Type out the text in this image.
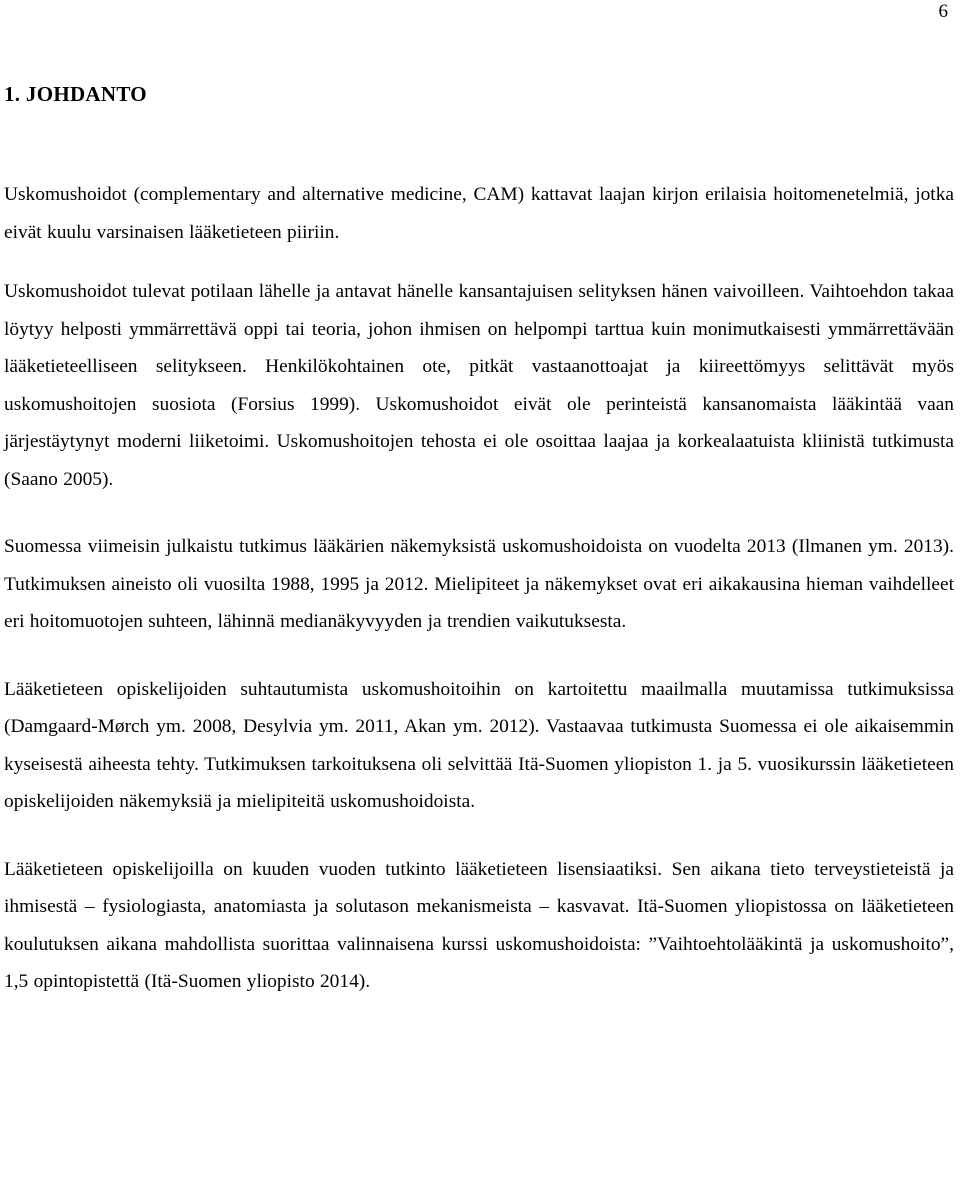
6
1. JOHDANTO

Uskomushoidot (complementary and alternative medicine, CAM) kattavat laajan kirjon erilaisia hoitomenetelmiä, jotka eivät kuulu varsinaisen lääketieteen piiriin.

Uskomushoidot tulevat potilaan lähelle ja antavat hänelle kansantajuisen selityksen hänen vaivoilleen. Vaihtoehdon takaa löytyy helposti ymmärrettävä oppi tai teoria, johon ihmisen on helpompi tarttua kuin monimutkaisesti ymmärrettävään lääketieteelliseen selitykseen. Henkilökohtainen ote, pitkät vastaanottoajat ja kiireettömyys selittävät myös uskomushoitojen suosiota (Forsius 1999). Uskomushoidot eivät ole perinteistä kansanomaista lääkintää vaan järjestäytynyt moderni liiketoimi. Uskomushoitojen tehosta ei ole osoittaa laajaa ja korkealaatuista kliinistä tutkimusta (Saano 2005).

Suomessa viimeisin julkaistu tutkimus lääkärien näkemyksistä uskomushoidoista on vuodelta 2013 (Ilmanen ym. 2013). Tutkimuksen aineisto oli vuosilta 1988, 1995 ja 2012. Mielipiteet ja näkemykset ovat eri aikakausina hieman vaihdelleet eri hoitomuotojen suhteen, lähinnä medianäkyvyyden ja trendien vaikutuksesta.

Lääketieteen opiskelijoiden suhtautumista uskomushoitoihin on kartoitettu maailmalla muutamissa tutkimuksissa (Damgaard-Mørch ym. 2008, Desylvia ym. 2011, Akan ym. 2012). Vastaavaa tutkimusta Suomessa ei ole aikaisemmin kyseisestä aiheesta tehty. Tutkimuksen tarkoituksena oli selvittää Itä-Suomen yliopiston 1. ja 5. vuosikurssin lääketieteen opiskelijoiden näkemyksiä ja mielipiteitä uskomushoidoista.

Lääketieteen opiskelijoilla on kuuden vuoden tutkinto lääketieteen lisensiaatiksi. Sen aikana tieto terveystieteistä ja ihmisestä – fysiologiasta, anatomiasta ja solutason mekanismeista – kasvavat. Itä-Suomen yliopistossa on lääketieteen koulutuksen aikana mahdollista suorittaa valinnaisena kurssi uskomushoidoista: ”Vaihtoehtolääkintä ja uskomushoito”, 1,5 opintopistettä (Itä-Suomen yliopisto 2014).
